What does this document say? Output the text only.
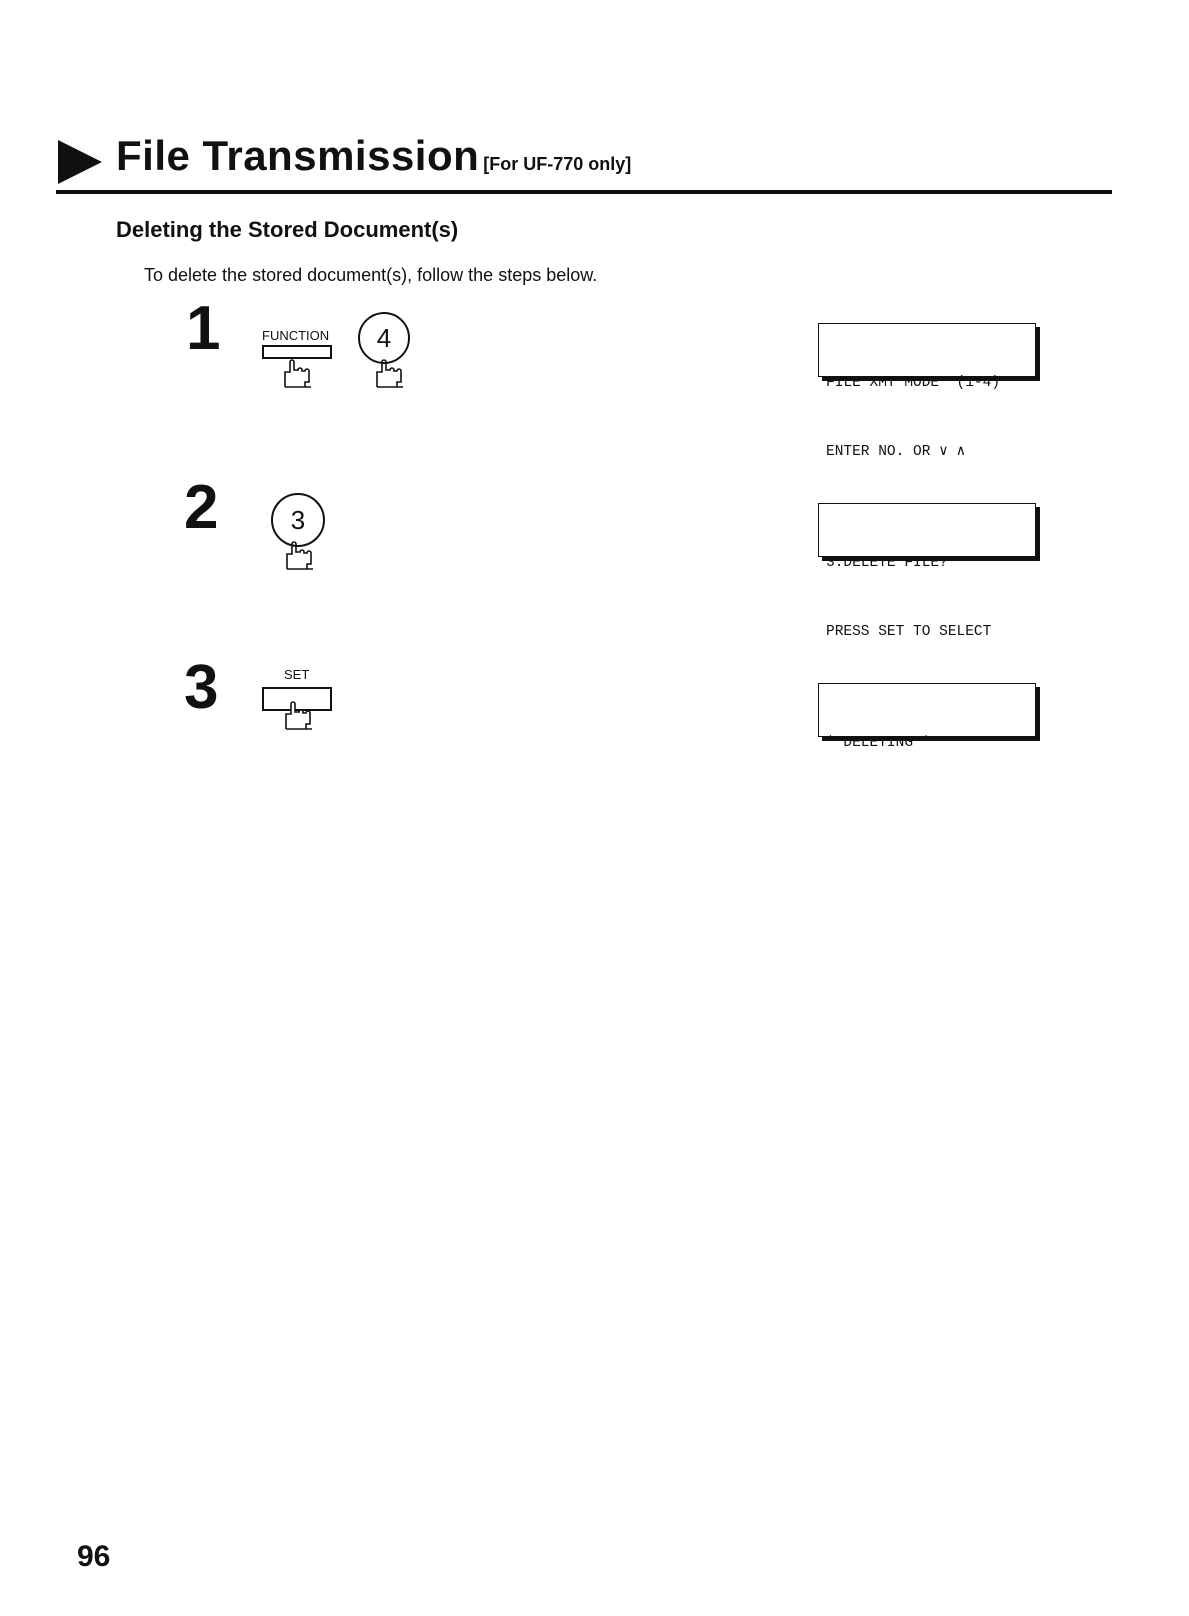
File Transmission [For UF-770 only]
Deleting the Stored Document(s)
To delete the stored document(s), follow the steps below.
1	FUNCTION	4

FILE XMT MODE  (1-4)

ENTER NO. OR ∨ ∧

2	3

3:DELETE FILE?

PRESS SET TO SELECT

3	SET

* DELETING *

96
